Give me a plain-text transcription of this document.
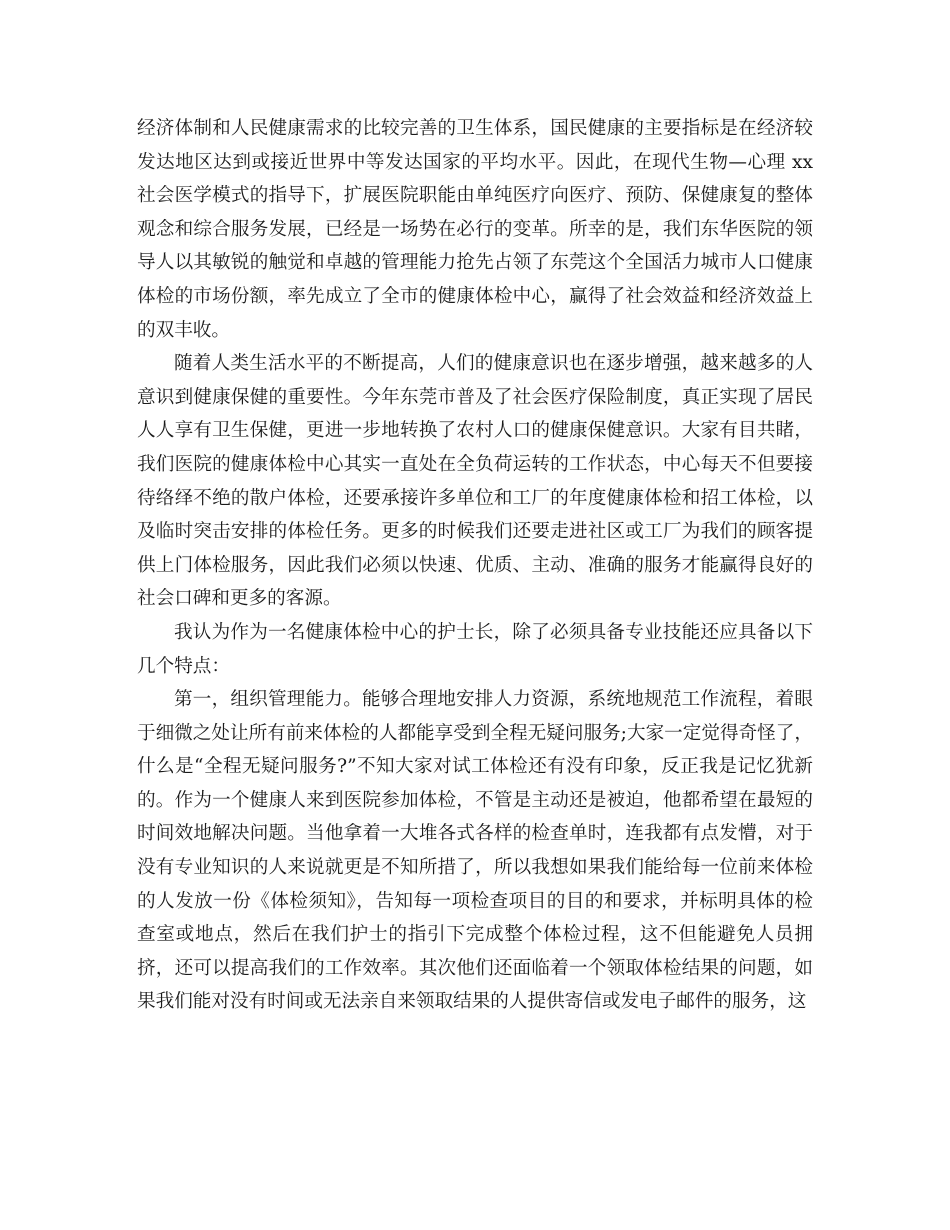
经济体制和人民健康需求的比较完善的卫生体系，国民健康的主要指标是在经济较发达地区达到或接近世界中等发达国家的平均水平。因此，在现代生物—心理 xx 社会医学模式的指导下，扩展医院职能由单纯医疗向医疗、预防、保健康复的整体观念和综合服务发展，已经是一场势在必行的变革。所幸的是，我们东华医院的领导人以其敏锐的触觉和卓越的管理能力抢先占领了东莞这个全国活力城市人口健康体检的市场份额，率先成立了全市的健康体检中心，赢得了社会效益和经济效益上的双丰收。

随着人类生活水平的不断提高，人们的健康意识也在逐步增强，越来越多的人意识到健康保健的重要性。今年东莞市普及了社会医疗保险制度，真正实现了居民人人享有卫生保健，更进一步地转换了农村人口的健康保健意识。大家有目共睹，我们医院的健康体检中心其实一直处在全负荷运转的工作状态，中心每天不但要接待络绎不绝的散户体检，还要承接许多单位和工厂的年度健康体检和招工体检，以及临时突击安排的体检任务。更多的时候我们还要走进社区或工厂为我们的顾客提供上门体检服务，因此我们必须以快速、优质、主动、准确的服务才能赢得良好的社会口碑和更多的客源。

我认为作为一名健康体检中心的护士长，除了必须具备专业技能还应具备以下几个特点：

第一，组织管理能力。能够合理地安排人力资源，系统地规范工作流程，着眼于细微之处让所有前来体检的人都能享受到全程无疑问服务;大家一定觉得奇怪了，什么是“全程无疑问服务?”不知大家对试工体检还有没有印象，反正我是记忆犹新的。作为一个健康人来到医院参加体检，不管是主动还是被迫，他都希望在最短的时间效地解决问题。当他拿着一大堆各式各样的检查单时，连我都有点发懵，对于没有专业知识的人来说就更是不知所措了，所以我想如果我们能给每一位前来体检的人发放一份《体检须知》，告知每一项检查项目的目的和要求，并标明具体的检查室或地点，然后在我们护士的指引下完成整个体检过程，这不但能避免人员拥挤，还可以提高我们的工作效率。其次他们还面临着一个领取体检结果的问题，如果我们能对没有时间或无法亲自来领取结果的人提供寄信或发电子邮件的服务，这
